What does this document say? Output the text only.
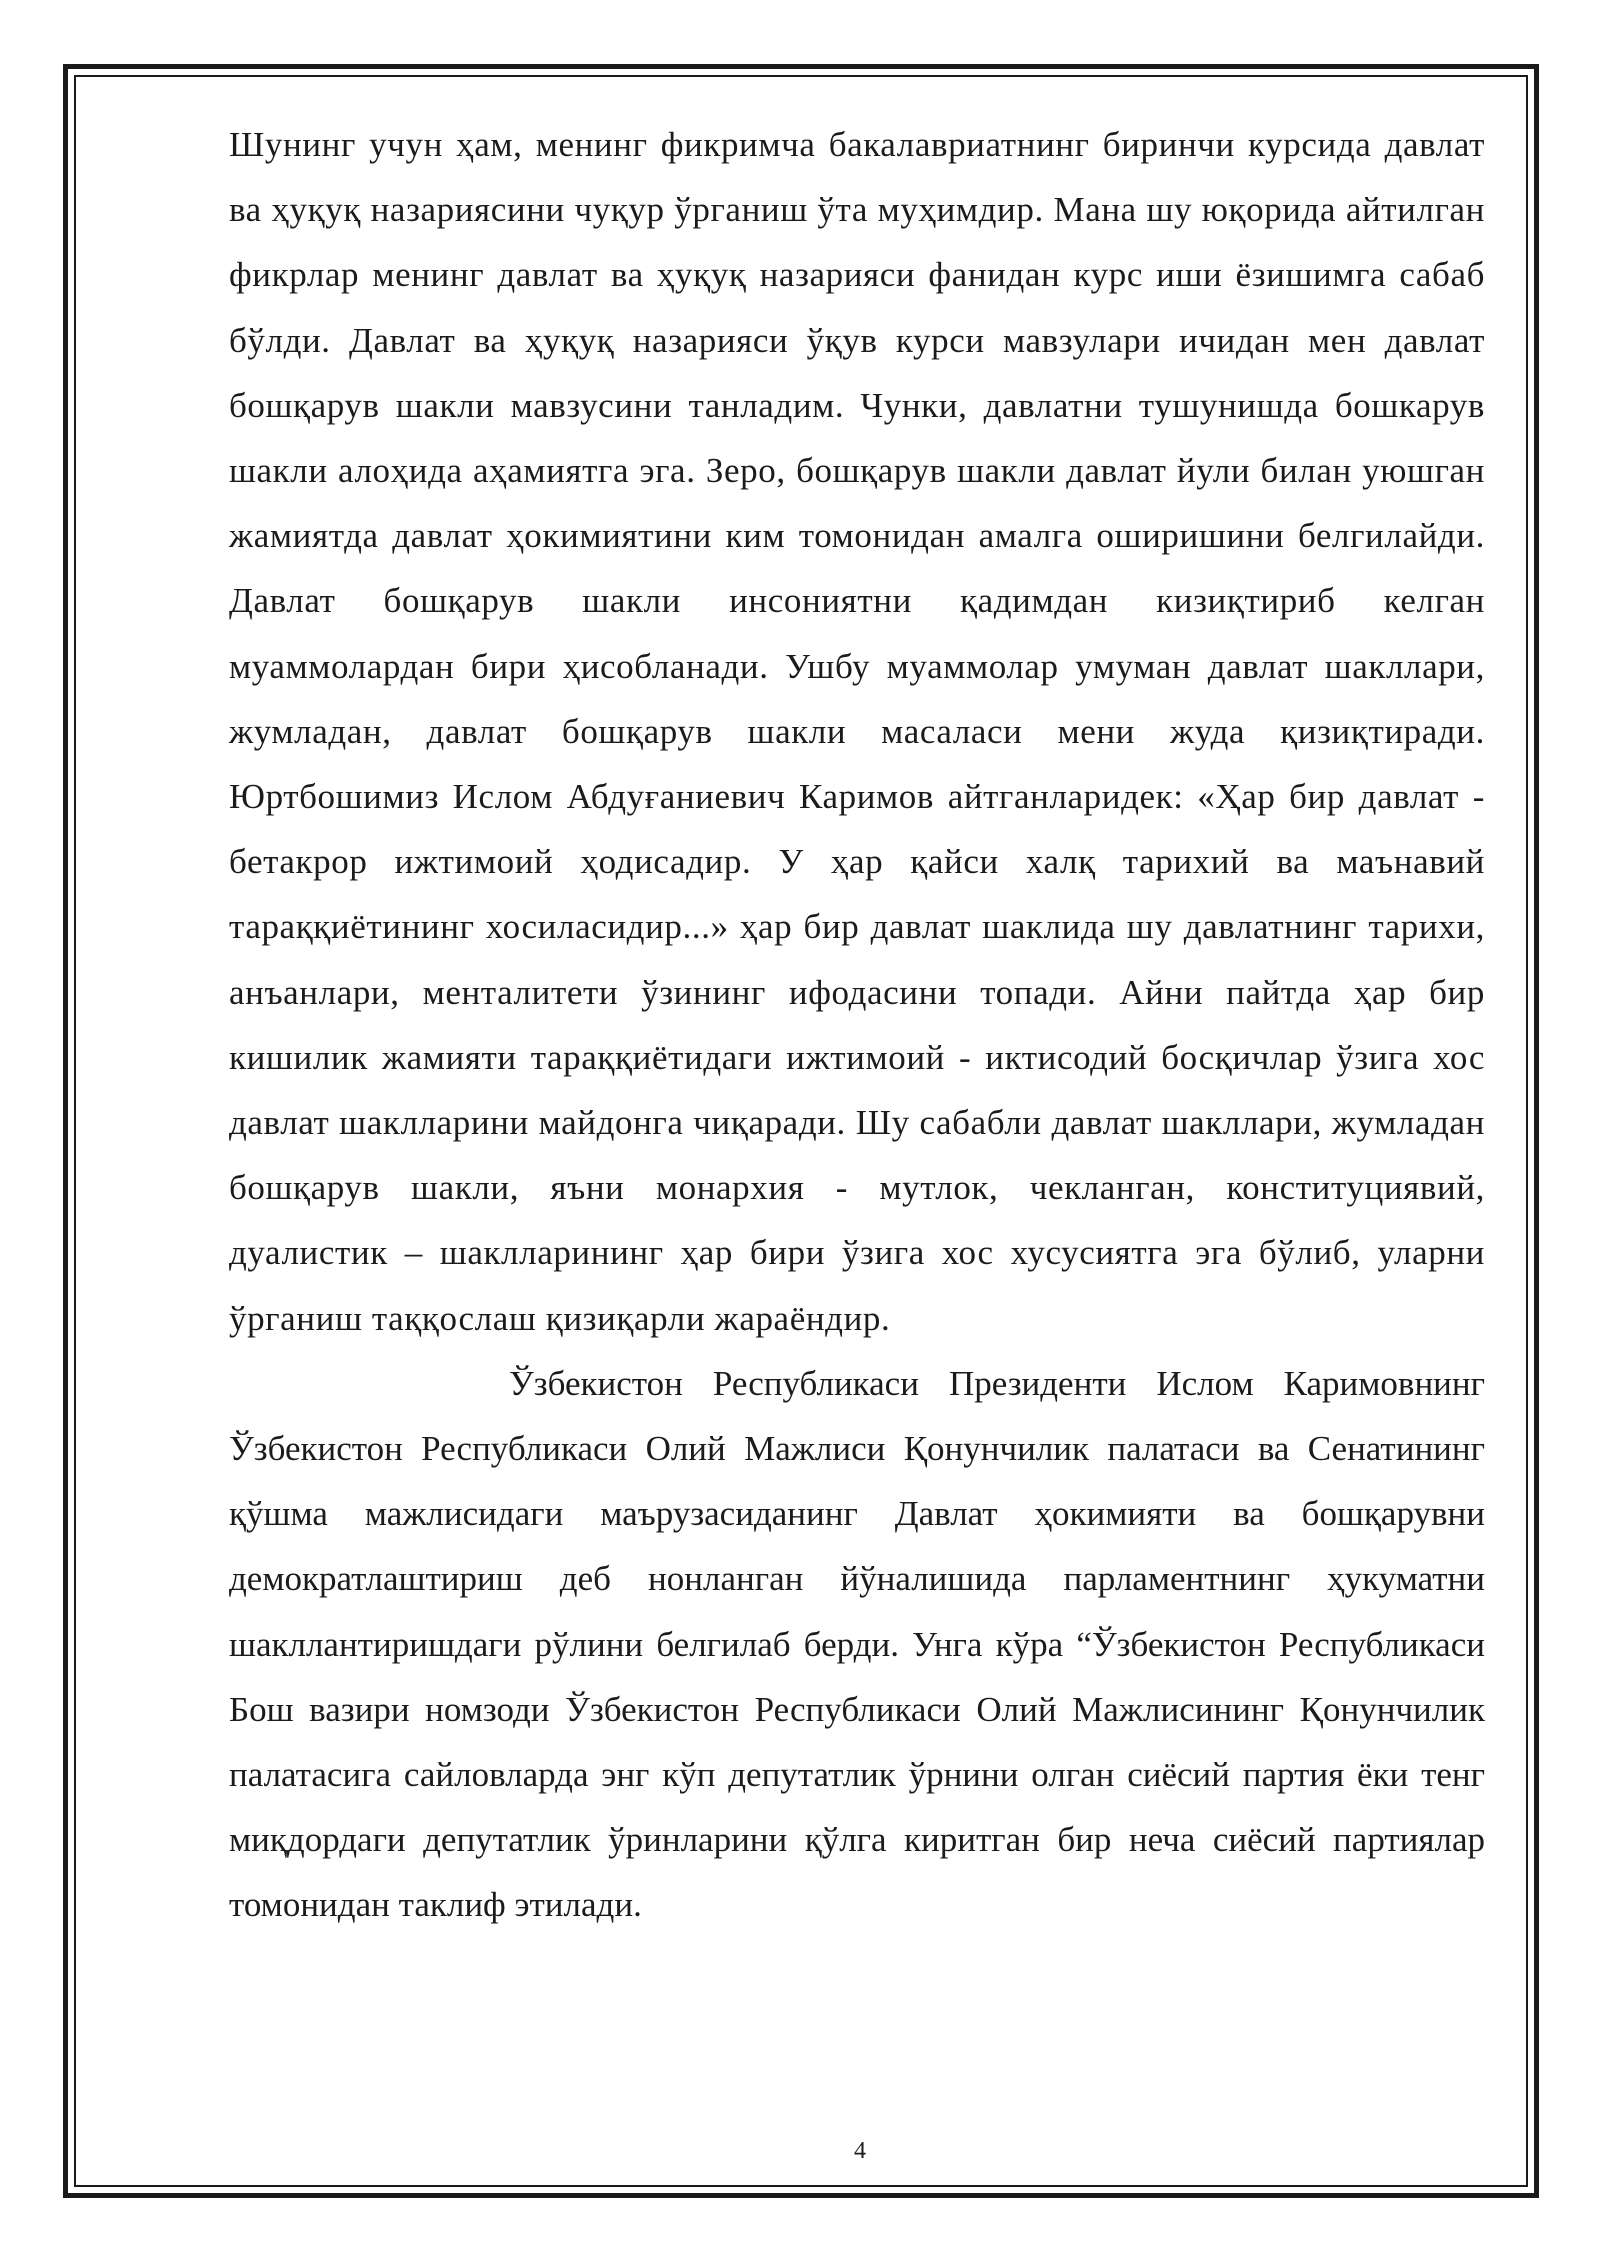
Шунинг учун ҳам, менинг фикримча бакалавриатнинг биринчи курсида давлат ва ҳуқуқ назариясини чуқур ўрганиш ўта муҳимдир. Мана шу юқорида айтилган фикрлар менинг давлат ва ҳуқуқ назарияси фанидан курс иши ёзишимга сабаб бўлди. Давлат ва ҳуқуқ назарияси ўқув курси мавзулари ичидан мен давлат бошқарув шакли мавзусини танладим. Чунки, давлатни тушунишда бошкарув шакли алоҳида аҳамиятга эга. Зеро, бошқарув шакли давлат йули билан уюшган жамиятда давлат ҳокимиятини ким томонидан амалга оширишини белгилайди. Давлат бошқарув шакли инсониятни қадимдан кизиқтириб келган муаммолардан бири ҳисобланади. Ушбу муаммолар умуман давлат шакллари, жумладан, давлат бошқарув шакли масаласи мени жуда қизиқтиради. Юртбошимиз Ислом Абдуғаниевич Каримов айтганларидек: «Ҳар бир давлат - бетакрор ижтимоий ҳодисадир. У ҳар қайси халқ тарихий ва маънавий тараққиётининг хосиласидир...» ҳар бир давлат шаклида шу давлатнинг тарихи, анъанлари, менталитети ўзининг ифодасини топади. Айни пайтда ҳар бир кишилик жамияти тараққиётидаги ижтимоий - иктисодий босқичлар ўзига хос давлат шаклларини майдонга чиқаради. Шу сабабли давлат шакллари, жумладан бошқарув шакли, яъни монархия - мутлок, чекланган, конституциявий, дуалистик – шаклларининг ҳар бири ўзига хос хусусиятга эга бўлиб, уларни ўрганиш таққослаш қизиқарли жараёндир.

Ўзбекистон Республикаси Президенти Ислом Каримовнинг Ўзбекистон Республикаси Олий Мажлиси Қонунчилик палатаси ва Сенатининг қўшма мажлисидаги маърузасиданинг Давлат ҳокимияти ва бошқарувни демократлаштириш деб нонланган йўналишида парламентнинг ҳукуматни шакллантиришдаги рўлини белгилаб берди. Унга кўра “Ўзбекистон Республикаси Бош вазири номзоди Ўзбекистон Республикаси Олий Мажлисининг Қонунчилик палатасига сайловларда энг кўп депутатлик ўрнини олган сиёсий партия ёки тенг миқдордаги депутатлик ўринларини қўлга киритган бир неча сиёсий партиялар томонидан таклиф этилади.

4
